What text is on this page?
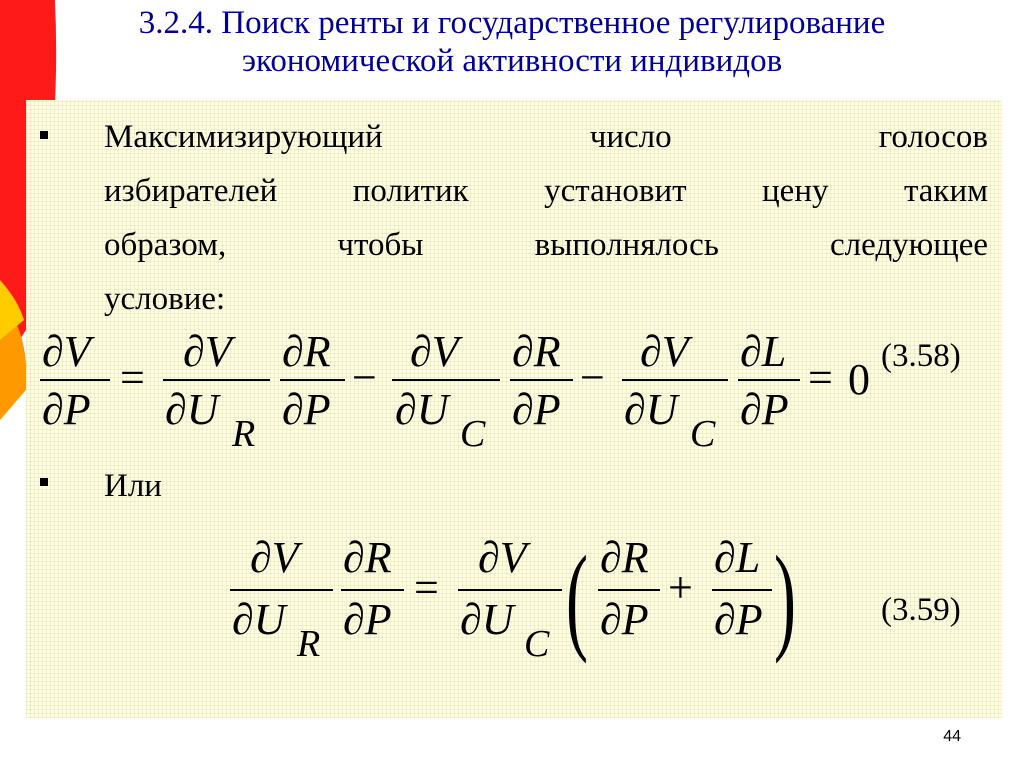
3.2.4. Поиск ренты и государственное регулирование
экономической активности индивидов
Максимизирующий число голосов
избирателей политик установит цену таким
образом, чтобы выполнялось следующее
условие:
∂V
∂P
=
∂V
∂U R
∂R
∂P
−
∂V
∂U C
∂R
∂P
−
∂V
∂U C
∂L
∂P
= 0 (3.58)
Или
∂V
∂U R
∂R
∂P
=
∂V
∂U C ( ∂R
∂P
+
∂L
∂P )	(3.59)
44
